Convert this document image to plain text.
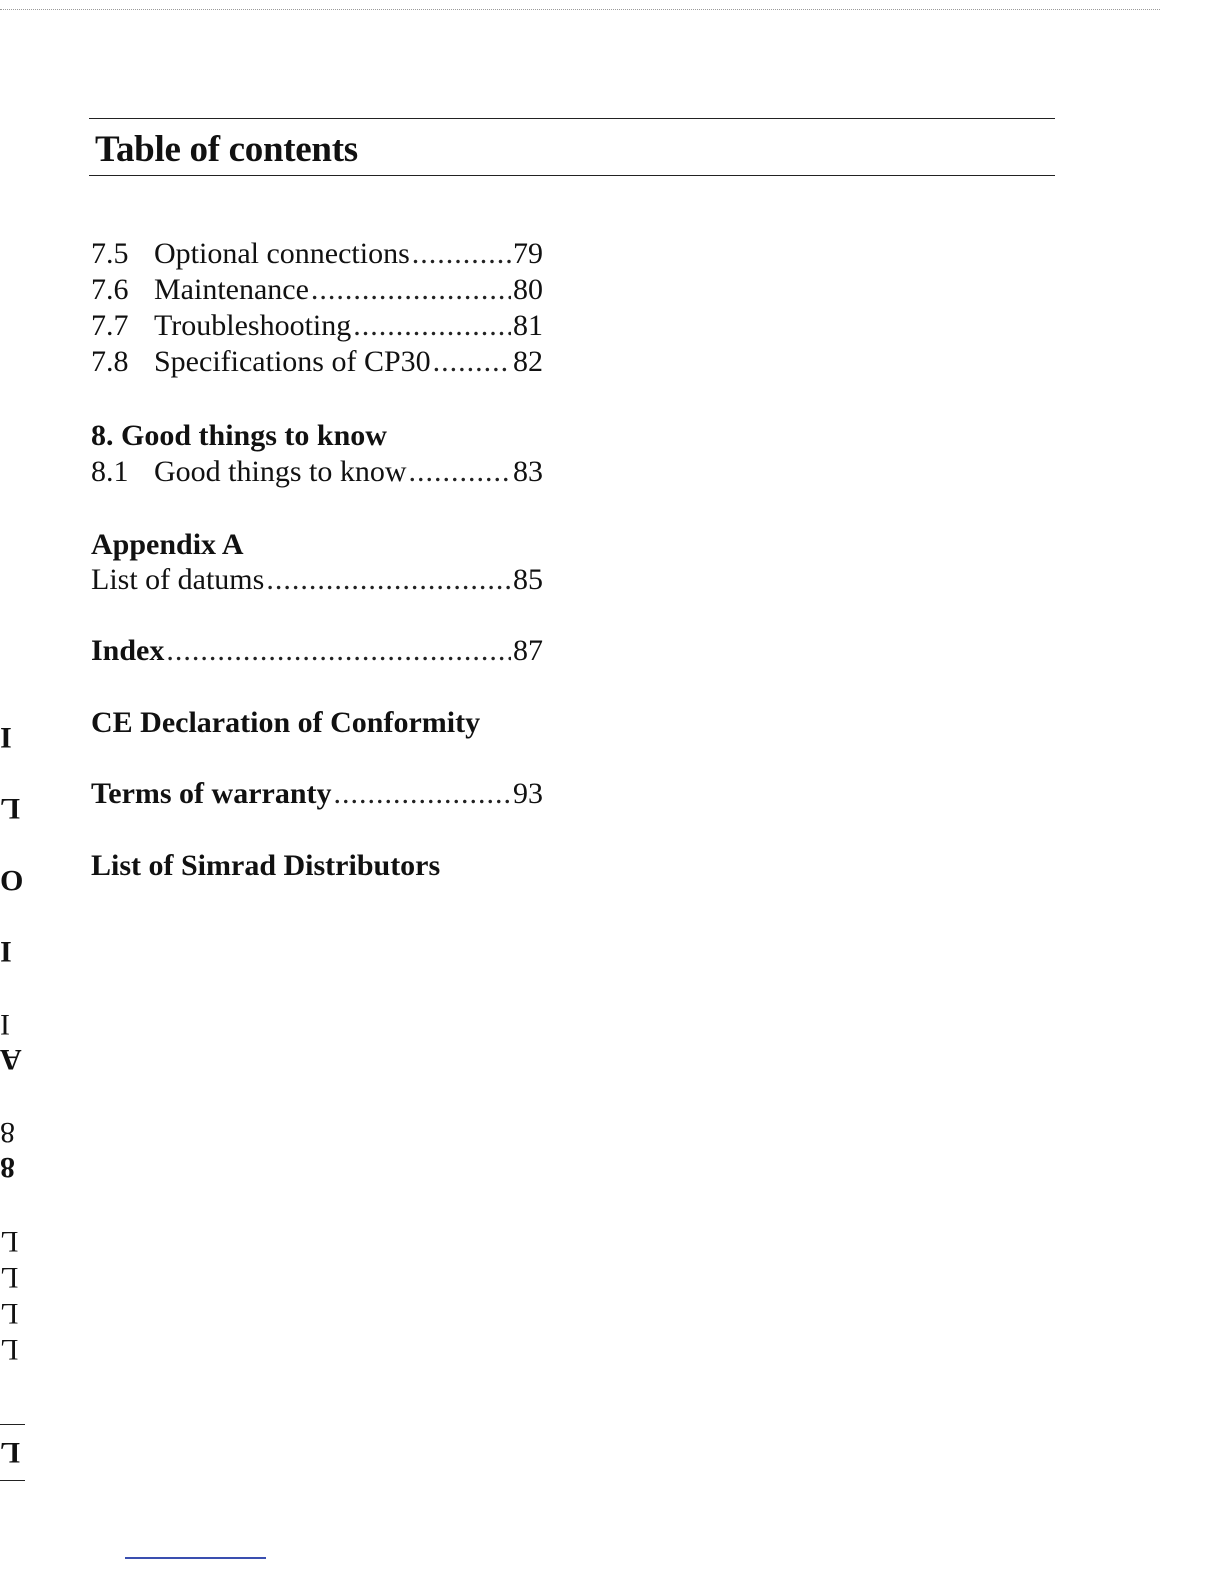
Table of contents
7.5 Optional connections .....	79
7.6 Maintenance .....	80
7.7 Troubleshooting .....	81
7.8 Specifications of CP30 .....	82
8. Good things to know
8.1 Good things to know .....	83
Appendix A
List of datums .....	85
Index .....	87
CE Declaration of Conformity
Terms of warranty .....	93
List of Simrad Distributors
I
L
O
I
I
A
8
8
L
L
L
L
L
